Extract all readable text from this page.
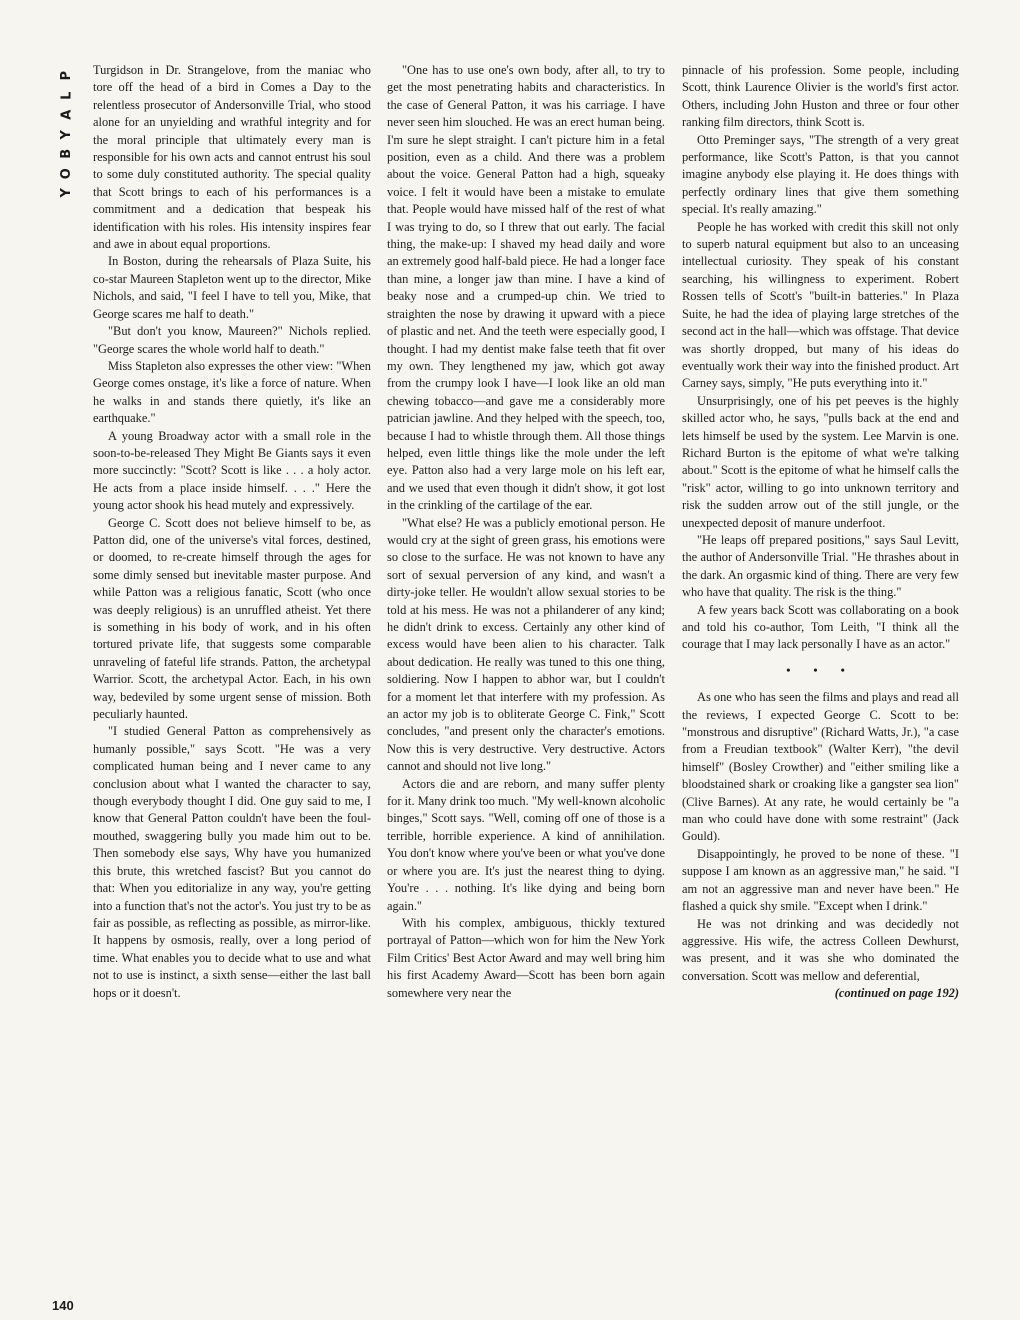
P
L
A
Y
B
O
Y
140

Turgidson in Dr. Strangelove, from the maniac who tore off the head of a bird in Comes a Day to the relentless prosecutor of Andersonville Trial, who stood alone for an unyielding and wrathful integrity and for the moral principle that ultimately every man is responsible for his own acts and cannot entrust his soul to some duly constituted authority. The special quality that Scott brings to each of his performances is a commitment and a dedication that bespeak his identification with his roles. His intensity inspires fear and awe in about equal proportions.

In Boston, during the rehearsals of Plaza Suite, his co-star Maureen Stapleton went up to the director, Mike Nichols, and said, "I feel I have to tell you, Mike, that George scares me half to death."

"But don't you know, Maureen?" Nichols replied. "George scares the whole world half to death."

Miss Stapleton also expresses the other view: "When George comes onstage, it's like a force of nature. When he walks in and stands there quietly, it's like an earthquake."

A young Broadway actor with a small role in the soon-to-be-released They Might Be Giants says it even more succinctly: "Scott? Scott is like . . . a holy actor. He acts from a place inside himself. . . ." Here the young actor shook his head mutely and expressively.

George C. Scott does not believe himself to be, as Patton did, one of the universe's vital forces, destined, or doomed, to re-create himself through the ages for some dimly sensed but inevitable master purpose. And while Patton was a religious fanatic, Scott (who once was deeply religious) is an unruffled atheist. Yet there is something in his body of work, and in his often tortured private life, that suggests some comparable unraveling of fateful life strands. Patton, the archetypal Warrior. Scott, the archetypal Actor. Each, in his own way, bedeviled by some urgent sense of mission. Both peculiarly haunted.

"I studied General Patton as comprehensively as humanly possible," says Scott. "He was a very complicated human being and I never came to any conclusion about what I wanted the character to say, though everybody thought I did. One guy said to me, I know that General Patton couldn't have been the foul-mouthed, swaggering bully you made him out to be. Then somebody else says, Why have you humanized this brute, this wretched fascist? But you cannot do that: When you editorialize in any way, you're getting into a function that's not the actor's. You just try to be as fair as possible, as reflecting as possible, as mirror-like. It happens by osmosis, really, over a long period of time. What enables you to decide what to use and what not to use is instinct, a sixth sense—either the last ball hops or it doesn't.

"One has to use one's own body, after all, to try to get the most penetrating habits and characteristics. In the case of General Patton, it was his carriage. I have never seen him slouched. He was an erect human being. I'm sure he slept straight. I can't picture him in a fetal position, even as a child. And there was a problem about the voice. General Patton had a high, squeaky voice. I felt it would have been a mistake to emulate that. People would have missed half of the rest of what I was trying to do, so I threw that out early. The facial thing, the make-up: I shaved my head daily and wore an extremely good half-bald piece. He had a longer face than mine, a longer jaw than mine. I have a kind of beaky nose and a crumped-up chin. We tried to straighten the nose by drawing it upward with a piece of plastic and net. And the teeth were especially good, I thought. I had my dentist make false teeth that fit over my own. They lengthened my jaw, which got away from the crumpy look I have—I look like an old man chewing tobacco—and gave me a considerably more patrician jawline. And they helped with the speech, too, because I had to whistle through them. All those things helped, even little things like the mole under the left eye. Patton also had a very large mole on his left ear, and we used that even though it didn't show, it got lost in the crinkling of the cartilage of the ear.

"What else? He was a publicly emotional person. He would cry at the sight of green grass, his emotions were so close to the surface. He was not known to have any sort of sexual perversion of any kind, and wasn't a dirty-joke teller. He wouldn't allow sexual stories to be told at his mess. He was not a philanderer of any kind; he didn't drink to excess. Certainly any other kind of excess would have been alien to his character. Talk about dedication. He really was tuned to this one thing, soldiering. Now I happen to abhor war, but I couldn't for a moment let that interfere with my profession. As an actor my job is to obliterate George C. Fink," Scott concludes, "and present only the character's emotions. Now this is very destructive. Very destructive. Actors cannot and should not live long."

Actors die and are reborn, and many suffer plenty for it. Many drink too much. "My well-known alcoholic binges," Scott says. "Well, coming off one of those is a terrible, horrible experience. A kind of annihilation. You don't know where you've been or what you've done or where you are. It's just the nearest thing to dying. You're . . . nothing. It's like dying and being born again."

With his complex, ambiguous, thickly textured portrayal of Patton—which won for him the New York Film Critics' Best Actor Award and may well bring him his first Academy Award—Scott has been born again somewhere very near the

pinnacle of his profession. Some people, including Scott, think Laurence Olivier is the world's first actor. Others, including John Huston and three or four other ranking film directors, think Scott is.

Otto Preminger says, "The strength of a very great performance, like Scott's Patton, is that you cannot imagine anybody else playing it. He does things with perfectly ordinary lines that give them something special. It's really amazing."

People he has worked with credit this skill not only to superb natural equipment but also to an unceasing intellectual curiosity. They speak of his constant searching, his willingness to experiment. Robert Rossen tells of Scott's "built-in batteries." In Plaza Suite, he had the idea of playing large stretches of the second act in the hall—which was offstage. That device was shortly dropped, but many of his ideas do eventually work their way into the finished product. Art Carney says, simply, "He puts everything into it."

Unsurprisingly, one of his pet peeves is the highly skilled actor who, he says, "pulls back at the end and lets himself be used by the system. Lee Marvin is one. Richard Burton is the epitome of what we're talking about." Scott is the epitome of what he himself calls the "risk" actor, willing to go into unknown territory and risk the sudden arrow out of the still jungle, or the unexpected deposit of manure underfoot.

"He leaps off prepared positions," says Saul Levitt, the author of Andersonville Trial. "He thrashes about in the dark. An orgasmic kind of thing. There are very few who have that quality. The risk is the thing."

A few years back Scott was collaborating on a book and told his co-author, Tom Leith, "I think all the courage that I may lack personally I have as an actor."

• • •

As one who has seen the films and plays and read all the reviews, I expected George C. Scott to be: "monstrous and disruptive" (Richard Watts, Jr.), "a case from a Freudian textbook" (Walter Kerr), "the devil himself" (Bosley Crowther) and "either smiling like a bloodstained shark or croaking like a gangster sea lion" (Clive Barnes). At any rate, he would certainly be "a man who could have done with some restraint" (Jack Gould).

Disappointingly, he proved to be none of these. "I suppose I am known as an aggressive man," he said. "I am not an aggressive man and never have been." He flashed a quick shy smile. "Except when I drink."

He was not drinking and was decidedly not aggressive. His wife, the actress Colleen Dewhurst, was present, and it was she who dominated the conversation. Scott was mellow and deferential,

(continued on page 192)
